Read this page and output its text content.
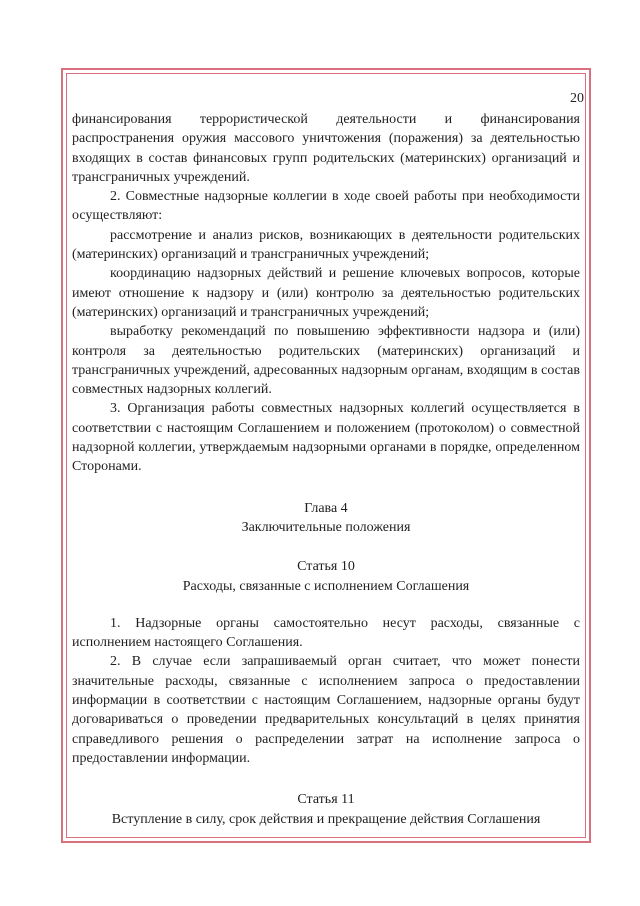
20

финансирования террористической деятельности и финансирования распространения оружия массового уничтожения (поражения) за деятельностью входящих в состав финансовых групп родительских (материнских) организаций и трансграничных учреждений.

2. Совместные надзорные коллегии в ходе своей работы при необходимости осуществляют:

рассмотрение и анализ рисков, возникающих в деятельности родительских (материнских) организаций и трансграничных учреждений;

координацию надзорных действий и решение ключевых вопросов, которые имеют отношение к надзору и (или) контролю за деятельностью родительских (материнских) организаций и трансграничных учреждений;

выработку рекомендаций по повышению эффективности надзора и (или) контроля за деятельностью родительских (материнских) организаций и трансграничных учреждений, адресованных надзорным органам, входящим в состав совместных надзорных коллегий.

3. Организация работы совместных надзорных коллегий осуществляется в соответствии с настоящим Соглашением и положением (протоколом) о совместной надзорной коллегии, утверждаемым надзорными органами в порядке, определенном Сторонами.

Глава 4
Заключительные положения
Статья 10
Расходы, связанные с исполнением Соглашения

1. Надзорные органы самостоятельно несут расходы, связанные с исполнением настоящего Соглашения.

2. В случае если запрашиваемый орган считает, что может понести значительные расходы, связанные с исполнением запроса о предоставлении информации в соответствии с настоящим Соглашением, надзорные органы будут договариваться о проведении предварительных консультаций в целях принятия справедливого решения о распределении затрат на исполнение запроса о предоставлении информации.

Статья 11
Вступление в силу, срок действия и прекращение действия Соглашения
